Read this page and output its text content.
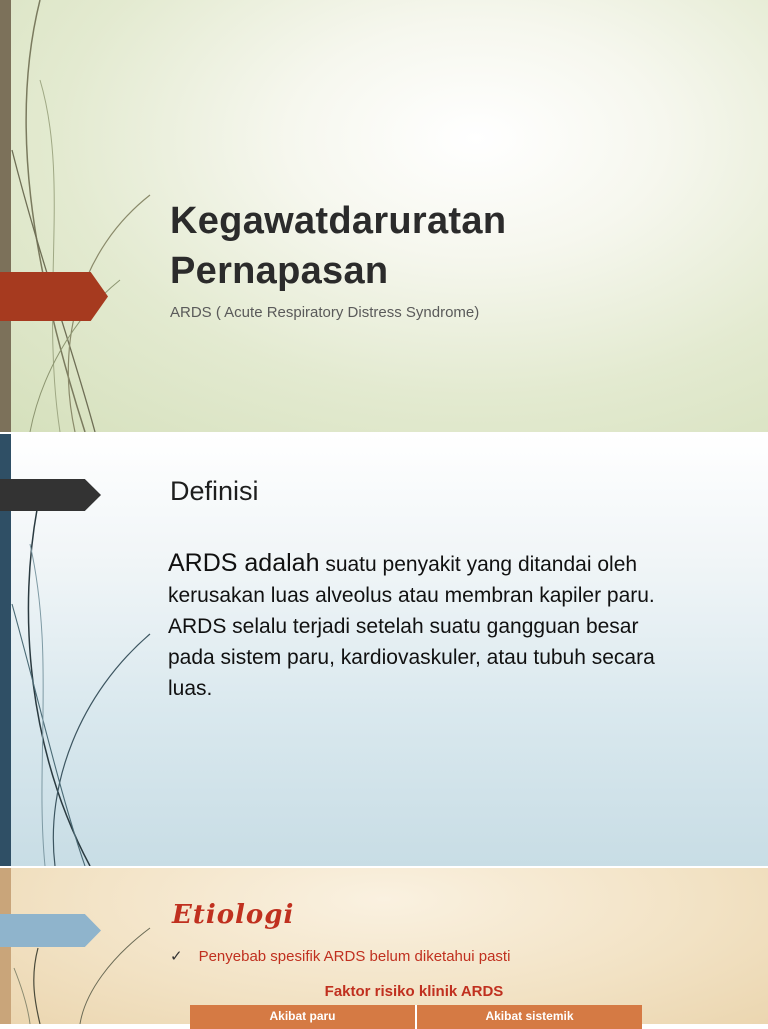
Kegawatdaruratan
Pernapasan
ARDS ( Acute Respiratory Distress Syndrome)
Definisi
ARDS adalah suatu penyakit yang ditandai oleh kerusakan luas alveolus atau membran kapiler paru. ARDS selalu terjadi setelah suatu gangguan besar pada sistem paru, kardiovaskuler, atau tubuh secara luas.
Etiologi
✓ Penyebab spesifik ARDS belum diketahui pasti
Faktor risiko klinik ARDS
Akibat paru	Akibat sistemik
